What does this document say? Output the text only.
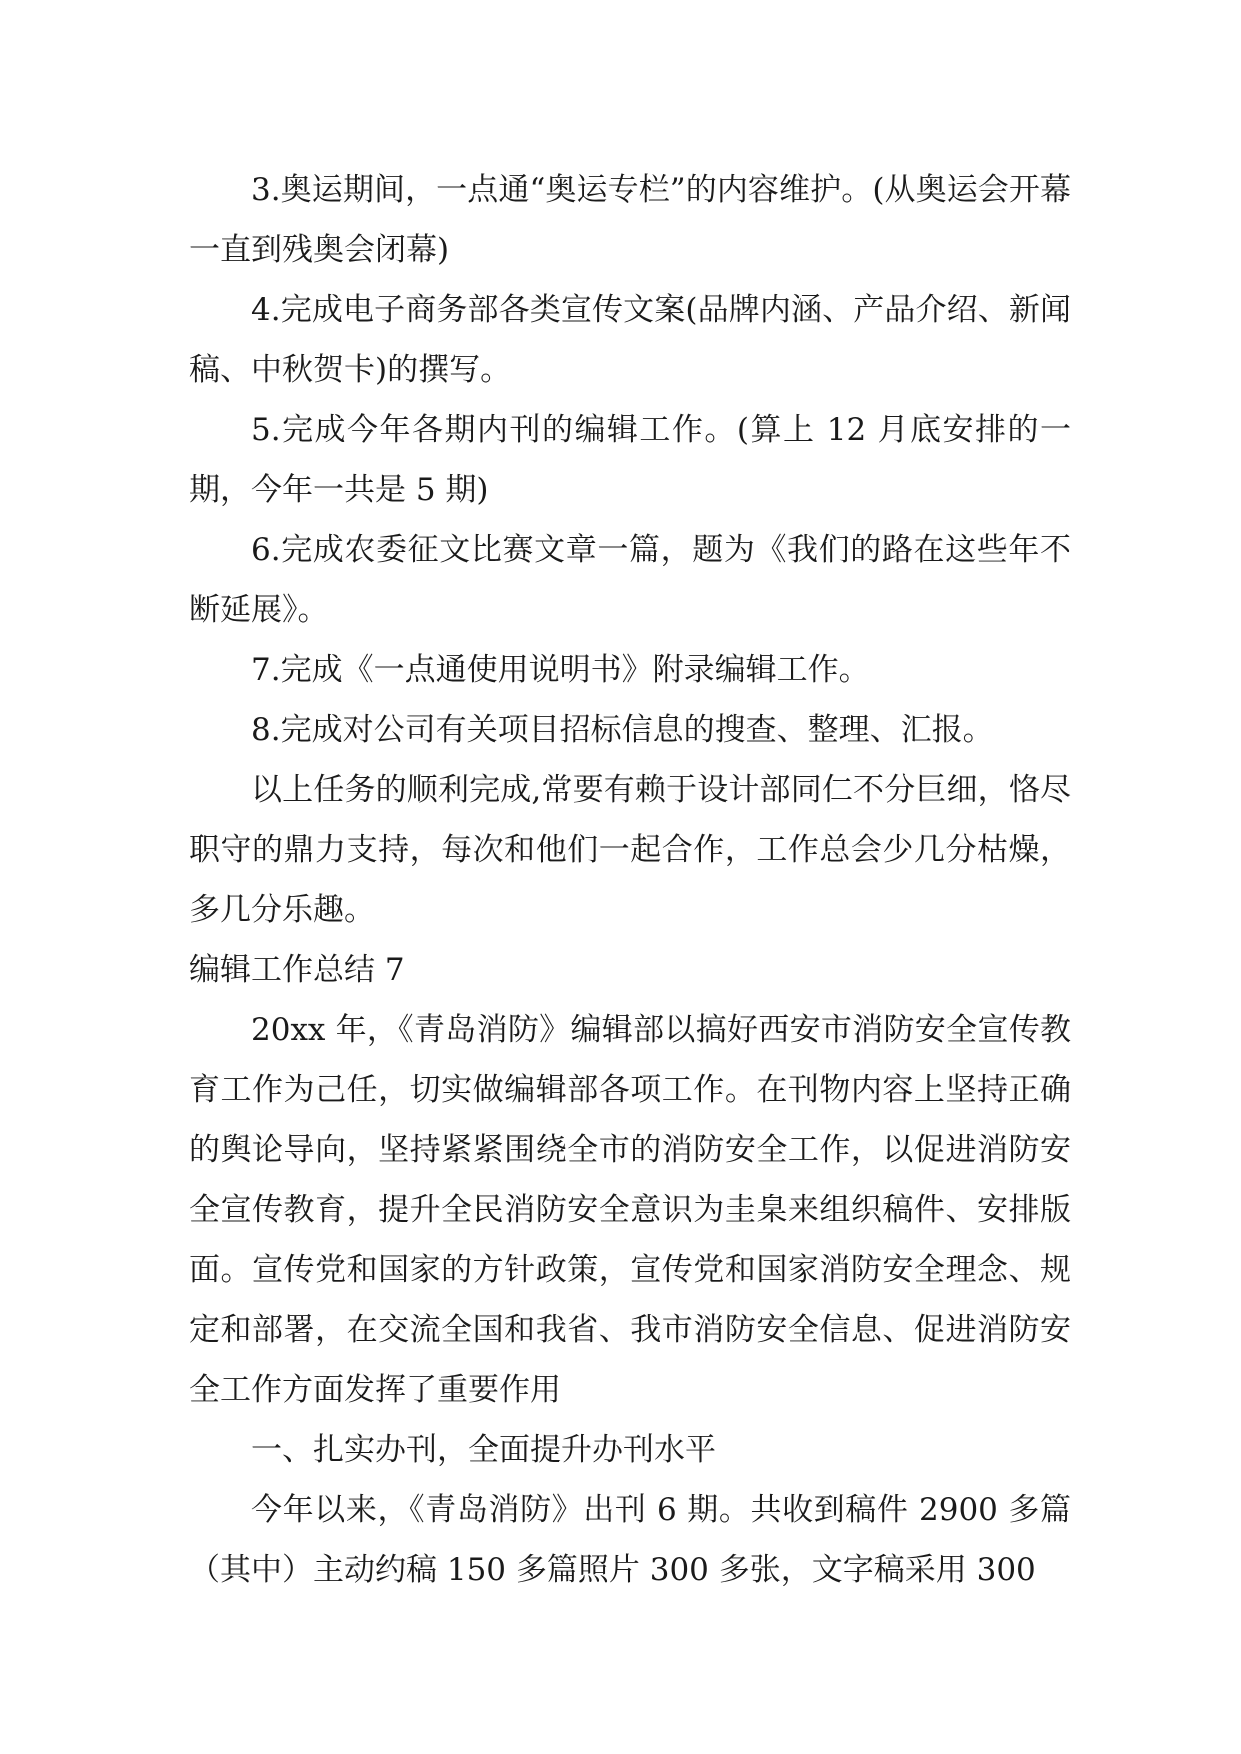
3.奥运期间，一点通“奥运专栏”的内容维护。(从奥运会开幕一直到残奥会闭幕)

4.完成电子商务部各类宣传文案(品牌内涵、产品介绍、新闻稿、中秋贺卡)的撰写。

5.完成今年各期内刊的编辑工作。(算上 12 月底安排的一期，今年一共是 5 期)

6.完成农委征文比赛文章一篇，题为《我们的路在这些年不断延展》。

7.完成《一点通使用说明书》附录编辑工作。

8.完成对公司有关项目招标信息的搜查、整理、汇报。

以上任务的顺利完成,常要有赖于设计部同仁不分巨细，恪尽职守的鼎力支持，每次和他们一起合作，工作总会少几分枯燥，多几分乐趣。

编辑工作总结 7

20xx 年，《青岛消防》编辑部以搞好西安市消防安全宣传教育工作为己任，切实做编辑部各项工作。在刊物内容上坚持正确的舆论导向，坚持紧紧围绕全市的消防安全工作，以促进消防安全宣传教育，提升全民消防安全意识为圭臬来组织稿件、安排版面。宣传党和国家的方针政策，宣传党和国家消防安全理念、规定和部署，在交流全国和我省、我市消防安全信息、促进消防安全工作方面发挥了重要作用

一、扎实办刊，全面提升办刊水平

今年以来，《青岛消防》出刊 6 期。共收到稿件 2900 多篇（其中）主动约稿 150 多篇照片 300 多张，文字稿采用 300
